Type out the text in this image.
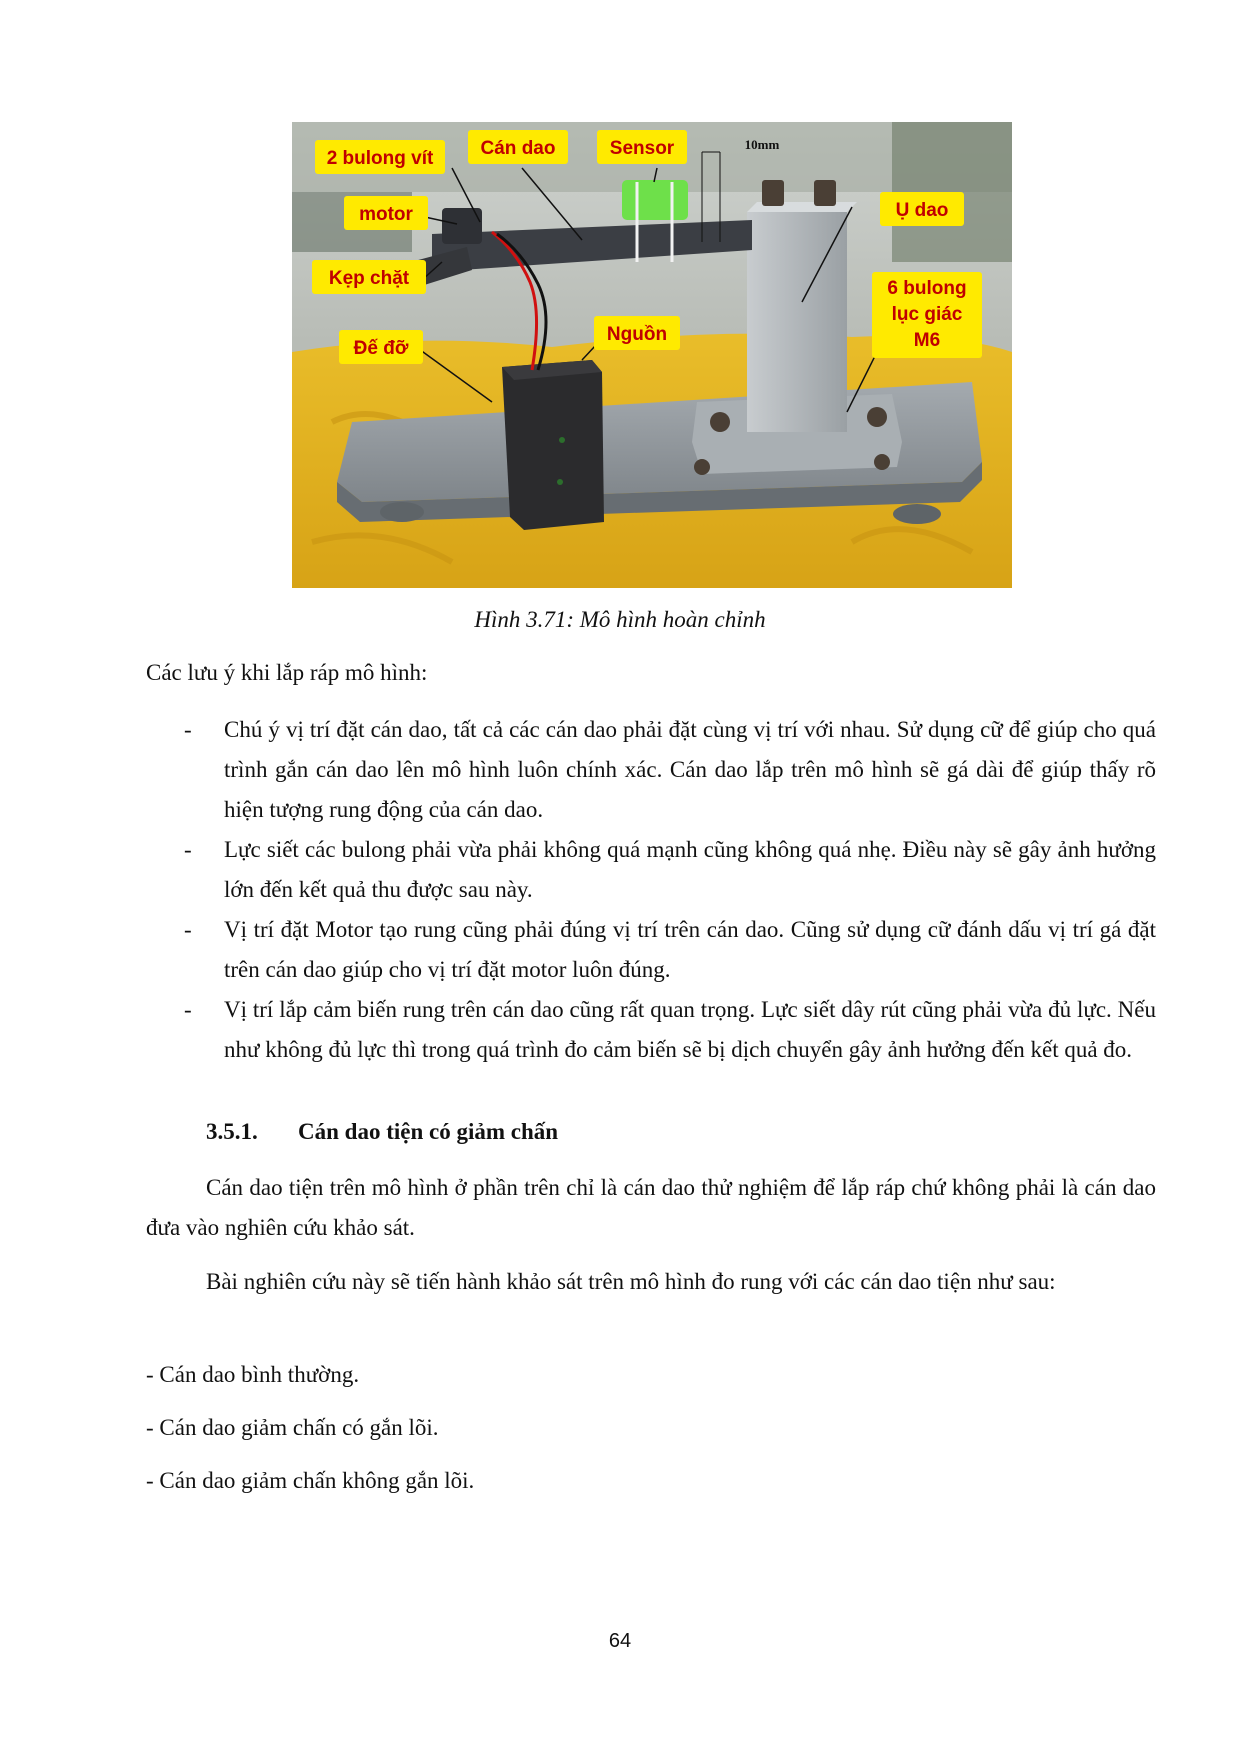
10mm
2 bulong vít Cán dao	Sensor
Ụ dao
motor
Kẹp chặt	6 bulong
lục giác
M6
Nguồn
Đế đỡ
Hình 3.71: Mô hình hoàn chỉnh
Các lưu ý khi lắp ráp mô hình:
- Chú ý vị trí đặt cán dao, tất cả các cán dao phải đặt cùng vị trí với nhau. Sử dụng cữ để giúp cho quá trình gắn cán dao lên mô hình luôn chính xác. Cán dao lắp trên mô hình sẽ gá dài để giúp thấy rõ hiện tượng rung động của cán dao.
- Lực siết các bulong phải vừa phải không quá mạnh cũng không quá nhẹ. Điều này sẽ gây ảnh hưởng lớn đến kết quả thu được sau này.
- Vị trí đặt Motor tạo rung cũng phải đúng vị trí trên cán dao. Cũng sử dụng cữ đánh dấu vị trí gá đặt trên cán dao giúp cho vị trí đặt motor luôn đúng.
- Vị trí lắp cảm biến rung trên cán dao cũng rất quan trọng. Lực siết dây rút cũng phải vừa đủ lực. Nếu như không đủ lực thì trong quá trình đo cảm biến sẽ bị dịch chuyển gây ảnh hưởng đến kết quả đo.
3.5.1. Cán dao tiện có giảm chấn
Cán dao tiện trên mô hình ở phần trên chỉ là cán dao thử nghiệm để lắp ráp chứ không phải là cán dao đưa vào nghiên cứu khảo sát.
Bài nghiên cứu này sẽ tiến hành khảo sát trên mô hình đo rung với các cán dao tiện như sau:
- Cán dao bình thường.
- Cán dao giảm chấn có gắn lõi.
- Cán dao giảm chấn không gắn lõi.
64
